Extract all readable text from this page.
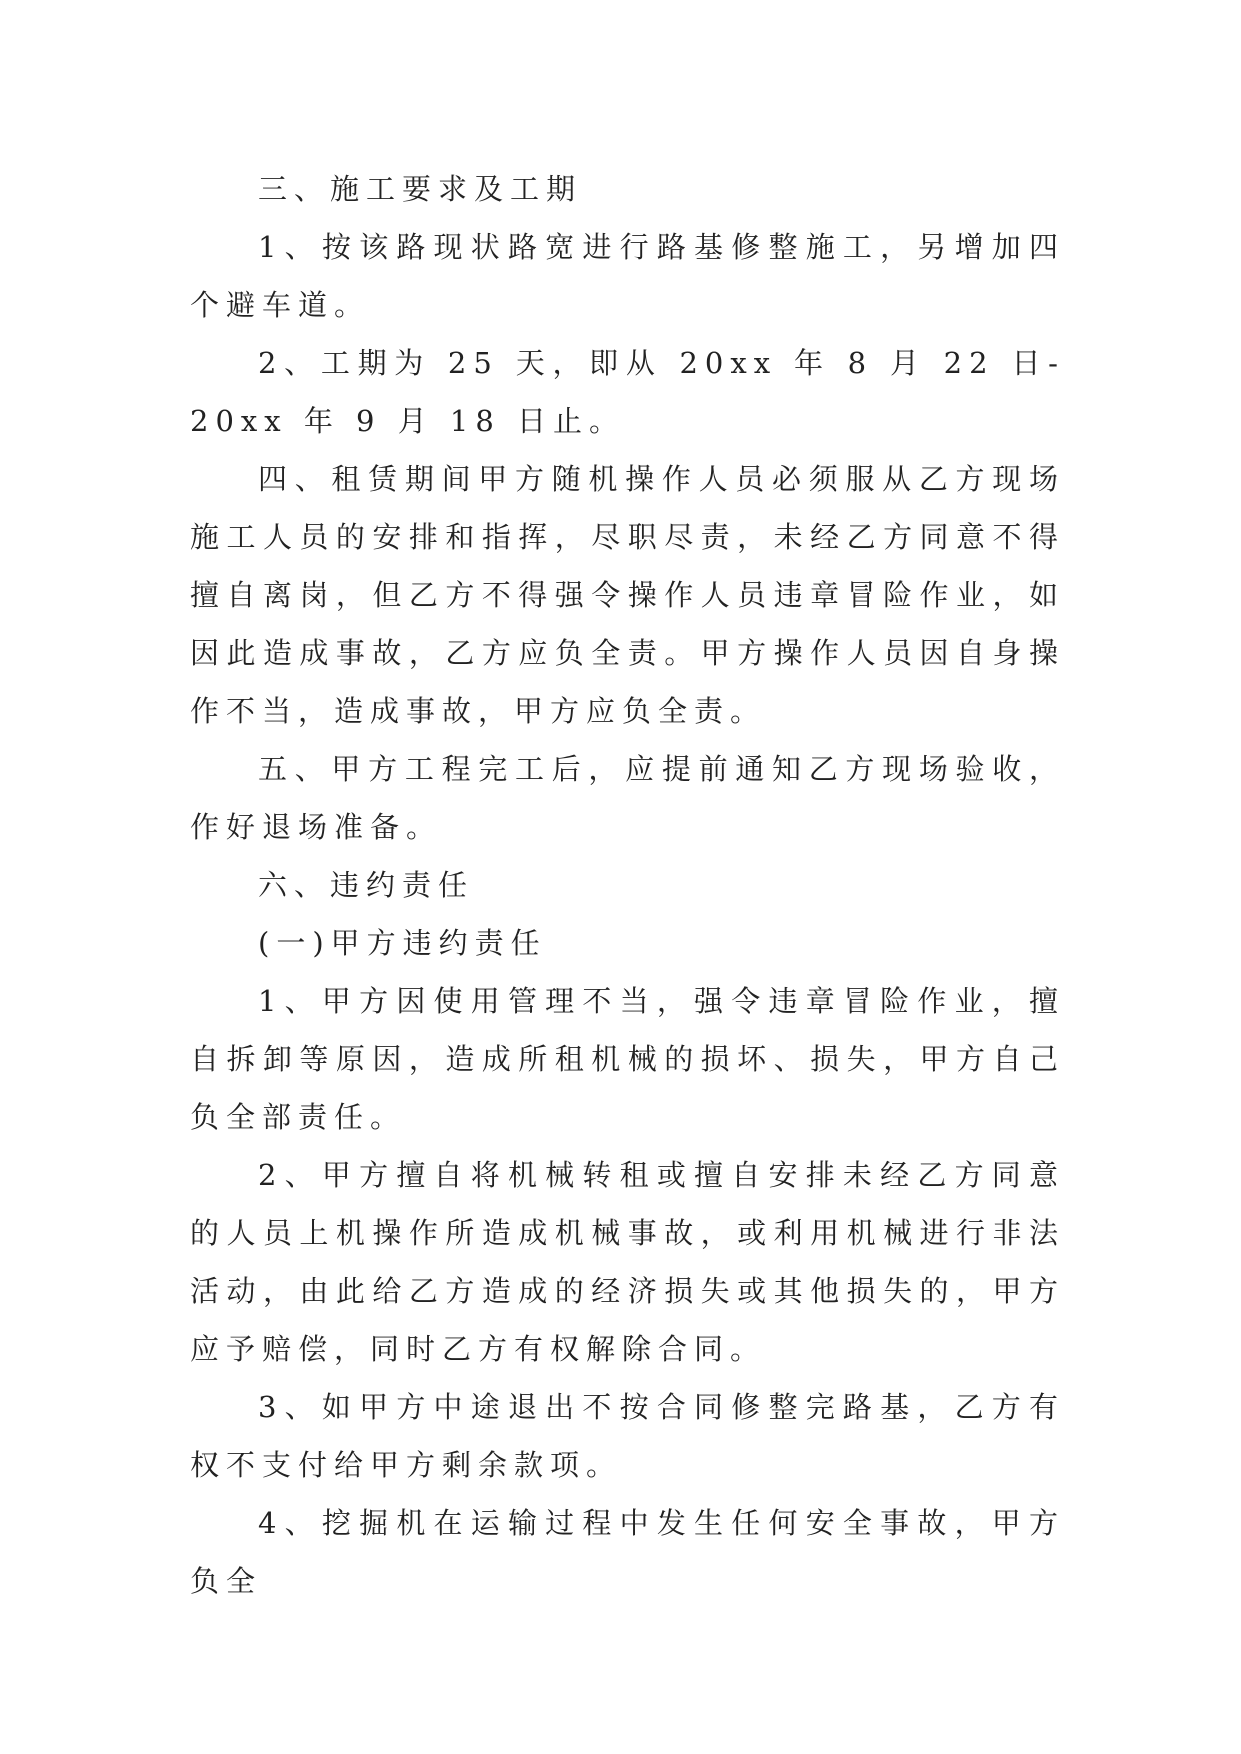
三、施工要求及工期

1、按该路现状路宽进行路基修整施工，另增加四个避车道。

2、工期为 25 天，即从 20xx 年 8 月 22 日-20xx 年 9 月 18 日止。

四、租赁期间甲方随机操作人员必须服从乙方现场施工人员的安排和指挥，尽职尽责，未经乙方同意不得擅自离岗，但乙方不得强令操作人员违章冒险作业，如因此造成事故，乙方应负全责。甲方操作人员因自身操作不当，造成事故，甲方应负全责。

五、甲方工程完工后，应提前通知乙方现场验收，作好退场准备。

六、违约责任

(一)甲方违约责任

1、甲方因使用管理不当，强令违章冒险作业，擅自拆卸等原因，造成所租机械的损坏、损失，甲方自己负全部责任。

2、甲方擅自将机械转租或擅自安排未经乙方同意的人员上机操作所造成机械事故，或利用机械进行非法活动，由此给乙方造成的经济损失或其他损失的，甲方应予赔偿，同时乙方有权解除合同。

3、如甲方中途退出不按合同修整完路基，乙方有权不支付给甲方剩余款项。

4、挖掘机在运输过程中发生任何安全事故，甲方负全
